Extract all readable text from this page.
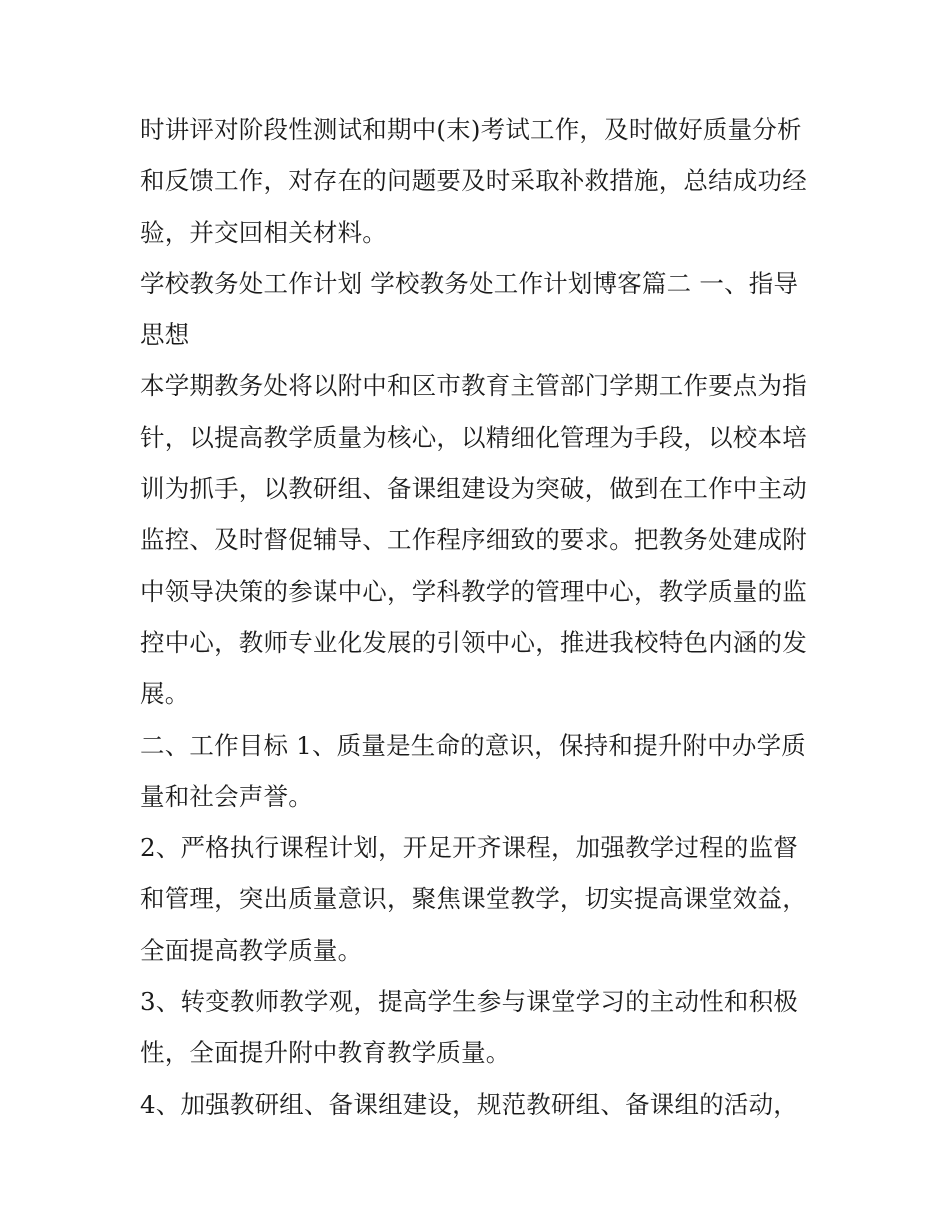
时讲评对阶段性测试和期中(末)考试工作，及时做好质量分析
和反馈工作，对存在的问题要及时采取补救措施，总结成功经
验，并交回相关材料。

学校教务处工作计划 学校教务处工作计划博客篇二 一、指导
思想

本学期教务处将以附中和区市教育主管部门学期工作要点为指
针，以提高教学质量为核心，以精细化管理为手段，以校本培
训为抓手，以教研组、备课组建设为突破，做到在工作中主动
监控、及时督促辅导、工作程序细致的要求。把教务处建成附
中领导决策的参谋中心，学科教学的管理中心，教学质量的监
控中心，教师专业化发展的引领中心，推进我校特色内涵的发
展。

二、工作目标 1、质量是生命的意识，保持和提升附中办学质
量和社会声誉。

2、严格执行课程计划，开足开齐课程，加强教学过程的监督
和管理，突出质量意识，聚焦课堂教学，切实提高课堂效益，
全面提高教学质量。

3、转变教师教学观，提高学生参与课堂学习的主动性和积极
性，全面提升附中教育教学质量。

4、加强教研组、备课组建设，规范教研组、备课组的活动，
